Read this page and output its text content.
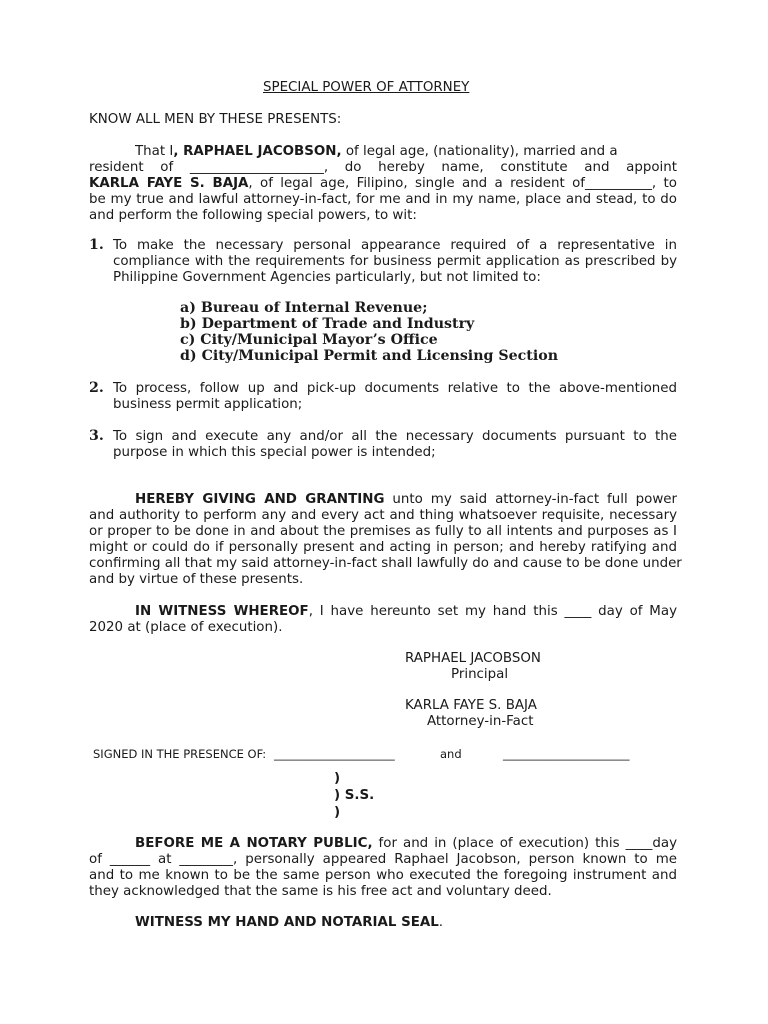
SPECIAL POWER OF ATTORNEY
KNOW ALL MEN BY THESE PRESENTS:
That I, RAPHAEL JACOBSON, of legal age, (nationality), married and a
resident of ____________________, do hereby name, constitute and appoint
KARLA FAYE S. BAJA, of legal age, Filipino, single and a resident of__________, to
be my true and lawful attorney-in-fact, for me and in my name, place and stead, to do
and perform the following special powers, to wit:
1. To make the necessary personal appearance required of a representative in
compliance with the requirements for business permit application as prescribed by
Philippine Government Agencies particularly, but not limited to:
a) Bureau of Internal Revenue;
b) Department of Trade and Industry
c) City/Municipal Mayor’s Office
d) City/Municipal Permit and Licensing Section
2. To process, follow up and pick-up documents relative to the above-mentioned
business permit application;
3. To sign and execute any and/or all the necessary documents pursuant to the
purpose in which this special power is intended;
HEREBY GIVING AND GRANTING unto my said attorney-in-fact full power
and authority to perform any and every act and thing whatsoever requisite, necessary
or proper to be done in and about the premises as fully to all intents and purposes as I
might or could do if personally present and acting in person; and hereby ratifying and
confirming all that my said attorney-in-fact shall lawfully do and cause to be done under
and by virtue of these presents.
IN WITNESS WHEREOF, I have hereunto set my hand this ____ day of May
2020 at (place of execution).
RAPHAEL JACOBSON
Principal
KARLA FAYE S. BAJA
Attorney-in-Fact
SIGNED IN THE PRESENCE OF: _____________________	and	______________________
)
) S.S.
)
BEFORE ME A NOTARY PUBLIC, for and in (place of execution) this ____day
of ______ at ________, personally appeared Raphael Jacobson, person known to me
and to me known to be the same person who executed the foregoing instrument and
they acknowledged that the same is his free act and voluntary deed.
WITNESS MY HAND AND NOTARIAL SEAL.
